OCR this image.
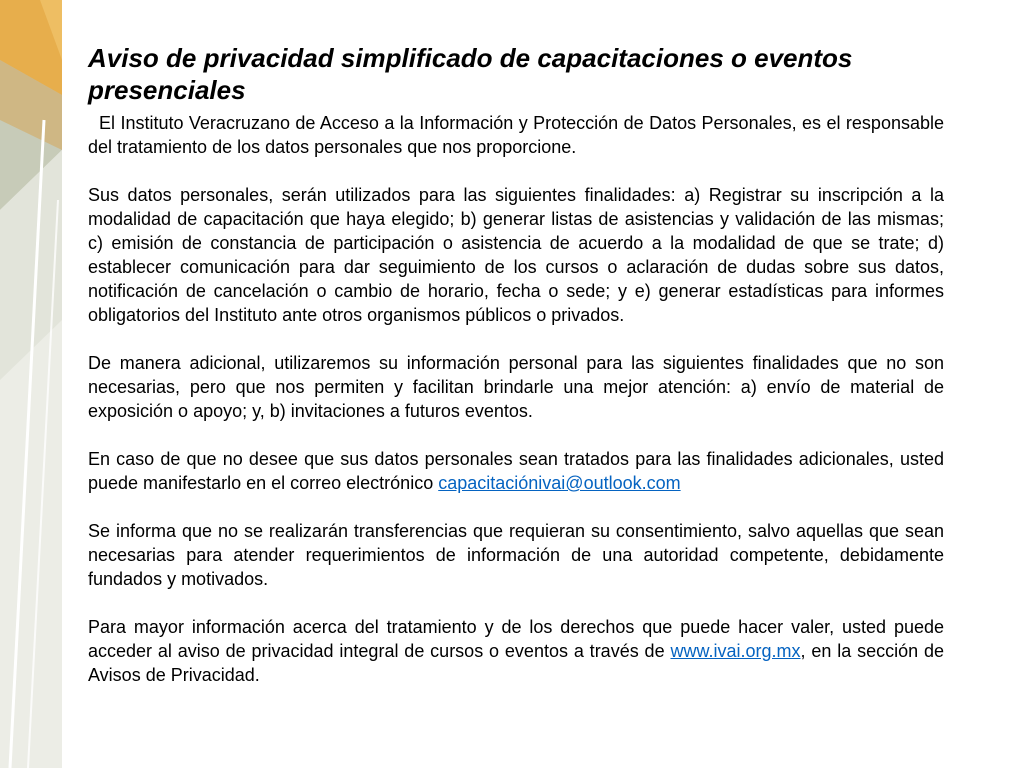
Aviso de privacidad simplificado de capacitaciones o eventos presenciales

El Instituto Veracruzano de Acceso a la Información y Protección de Datos Personales, es el responsable del tratamiento de los datos personales que nos proporcione.

Sus datos personales, serán utilizados para las siguientes finalidades: a) Registrar su inscripción a la modalidad de capacitación que haya elegido; b) generar listas de asistencias y validación de las mismas; c) emisión de constancia de participación o asistencia de acuerdo a la modalidad de que se trate; d) establecer comunicación para dar seguimiento de los cursos o aclaración de dudas sobre sus datos, notificación de cancelación o cambio de horario, fecha o sede; y e) generar estadísticas para informes obligatorios del Instituto ante otros organismos públicos o privados.

De manera adicional, utilizaremos su información personal para las siguientes finalidades que no son necesarias, pero que nos permiten y facilitan brindarle una mejor atención: a) envío de material de exposición o apoyo; y, b) invitaciones a futuros eventos.

En caso de que no desee que sus datos personales sean tratados para las finalidades adicionales, usted puede manifestarlo en el correo electrónico capacitaciónivai@outlook.com

Se informa que no se realizarán transferencias que requieran su consentimiento, salvo aquellas que sean necesarias para atender requerimientos de información de una autoridad competente, debidamente fundados y motivados.

Para mayor información acerca del tratamiento y de los derechos que puede hacer valer, usted puede acceder al aviso de privacidad integral de cursos o eventos a través de www.ivai.org.mx, en la sección de Avisos de Privacidad.
